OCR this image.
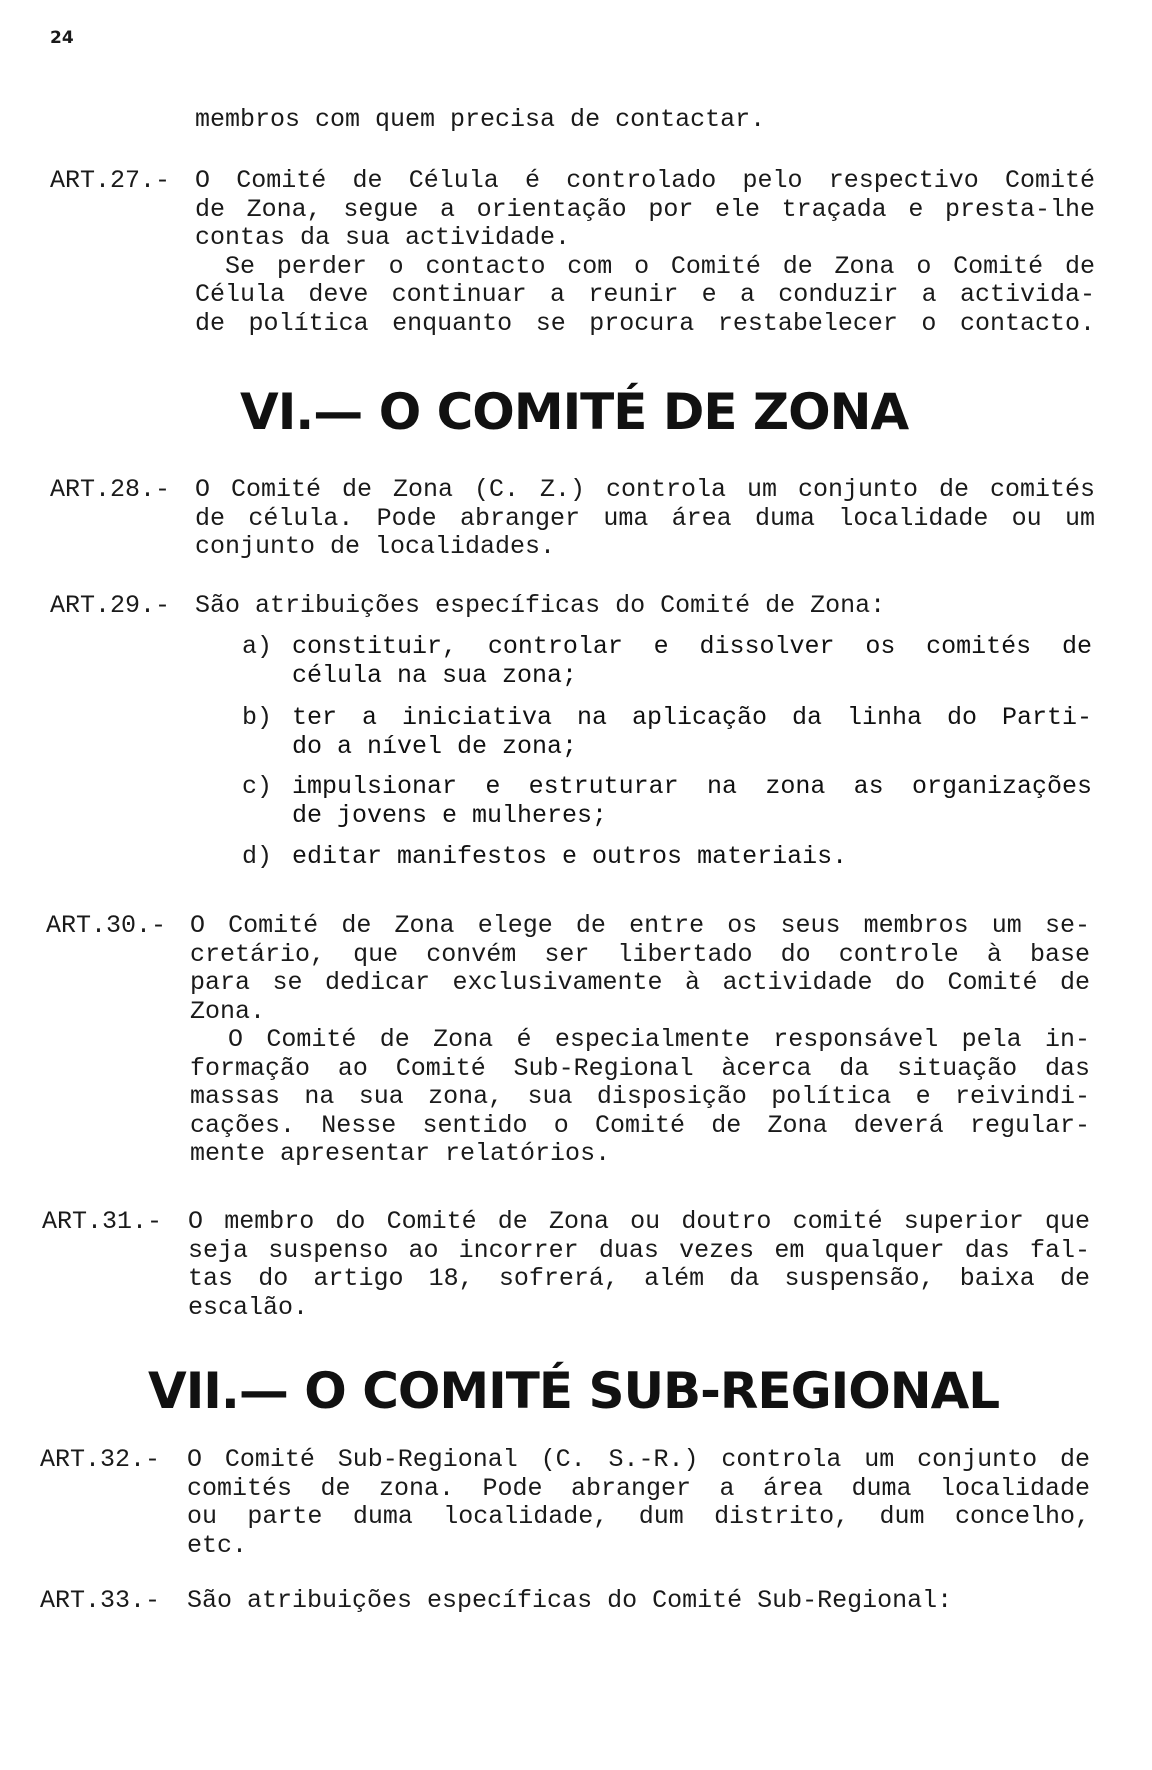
24
membros com quem precisa de contactar.
ART.27.- O Comité de Célula é controlado pelo respectivo Comité
de Zona, segue a orientação por ele traçada e presta-lhe
contas da sua actividade.
Se perder o contacto com o Comité de Zona o Comité de
Célula deve continuar a reunir e a conduzir a activida-
de política enquanto se procura restabelecer o contacto.
VI.— O COMITÉ DE ZONA
ART.28.- O Comité de Zona (C. Z.) controla um conjunto de comités
de célula. Pode abranger uma área duma localidade ou um
conjunto de localidades.
ART.29.- São atribuições específicas do Comité de Zona:
a) constituir, controlar e dissolver os comités de
célula na sua zona;
b) ter a iniciativa na aplicação da linha do Parti-
do a nível de zona;
c) impulsionar e estruturar na zona as organizações
de jovens e mulheres;
d) editar manifestos e outros materiais.
ART.30.- O Comité de Zona elege de entre os seus membros um se-
cretário, que convém ser libertado do controle à base
para se dedicar exclusivamente à actividade do Comité de
Zona.
O Comité de Zona é especialmente responsável pela in-
formação ao Comité Sub-Regional àcerca da situação das
massas na sua zona, sua disposição política e reivindi-
cações. Nesse sentido o Comité de Zona deverá regular-
mente apresentar relatórios.
ART.31.- O membro do Comité de Zona ou doutro comité superior que
seja suspenso ao incorrer duas vezes em qualquer das fal-
tas do artigo 18, sofrerá, além da suspensão, baixa de
escalão.
VII.— O COMITÉ SUB-REGIONAL
ART.32.- O Comité Sub-Regional (C. S.-R.) controla um conjunto de
comités de zona. Pode abranger a área duma localidade
ou parte duma localidade, dum distrito, dum concelho,
etc.
ART.33.- São atribuições específicas do Comité Sub-Regional:
